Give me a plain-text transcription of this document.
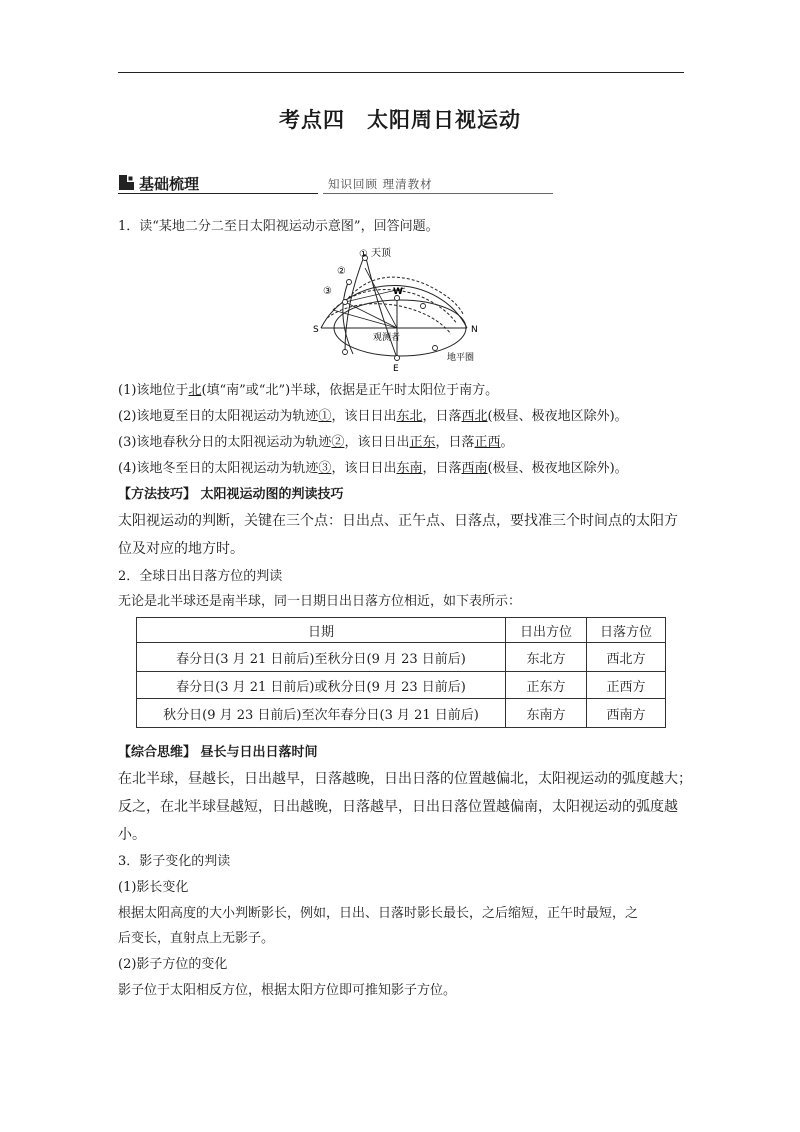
考点四　太阳周日视运动
基础梳理	知识回顾 理清教材
1．读“某地二分二至日太阳视运动示意图”，回答问题。
①
②
③
天顶
W
S	N
E
观测者
地平圈
(1)该地位于北(填“南”或“北”)半球，依据是正午时太阳位于南方。
(2)该地夏至日的太阳视运动为轨迹①，该日日出东北，日落西北(极昼、极夜地区除外)。
(3)该地春秋分日的太阳视运动为轨迹②，该日日出正东，日落正西。
(4)该地冬至日的太阳视运动为轨迹③，该日日出东南，日落西南(极昼、极夜地区除外)。
【方法技巧】 太阳视运动图的判读技巧
太阳视运动的判断，关键在三个点：日出点、正午点、日落点，要找准三个时间点的太阳方
位及对应的地方时。
2．全球日出日落方位的判读
无论是北半球还是南半球，同一日期日出日落方位相近，如下表所示：
日期	日出方位	日落方位
春分日(3 月 21 日前后)至秋分日(9 月 23 日前后)	东北方	西北方
春分日(3 月 21 日前后)或秋分日(9 月 23 日前后)	正东方	正西方
秋分日(9 月 23 日前后)至次年春分日(3 月 21 日前后)	东南方	西南方
【综合思维】 昼长与日出日落时间
在北半球，昼越长，日出越早，日落越晚，日出日落的位置越偏北，太阳视运动的弧度越大；
反之，在北半球昼越短，日出越晚，日落越早，日出日落位置越偏南，太阳视运动的弧度越
小。
3．影子变化的判读
(1)影长变化
根据太阳高度的大小判断影长，例如，日出、日落时影长最长，之后缩短，正午时最短，之
后变长，直射点上无影子。
(2)影子方位的变化
影子位于太阳相反方位，根据太阳方位即可推知影子方位。
